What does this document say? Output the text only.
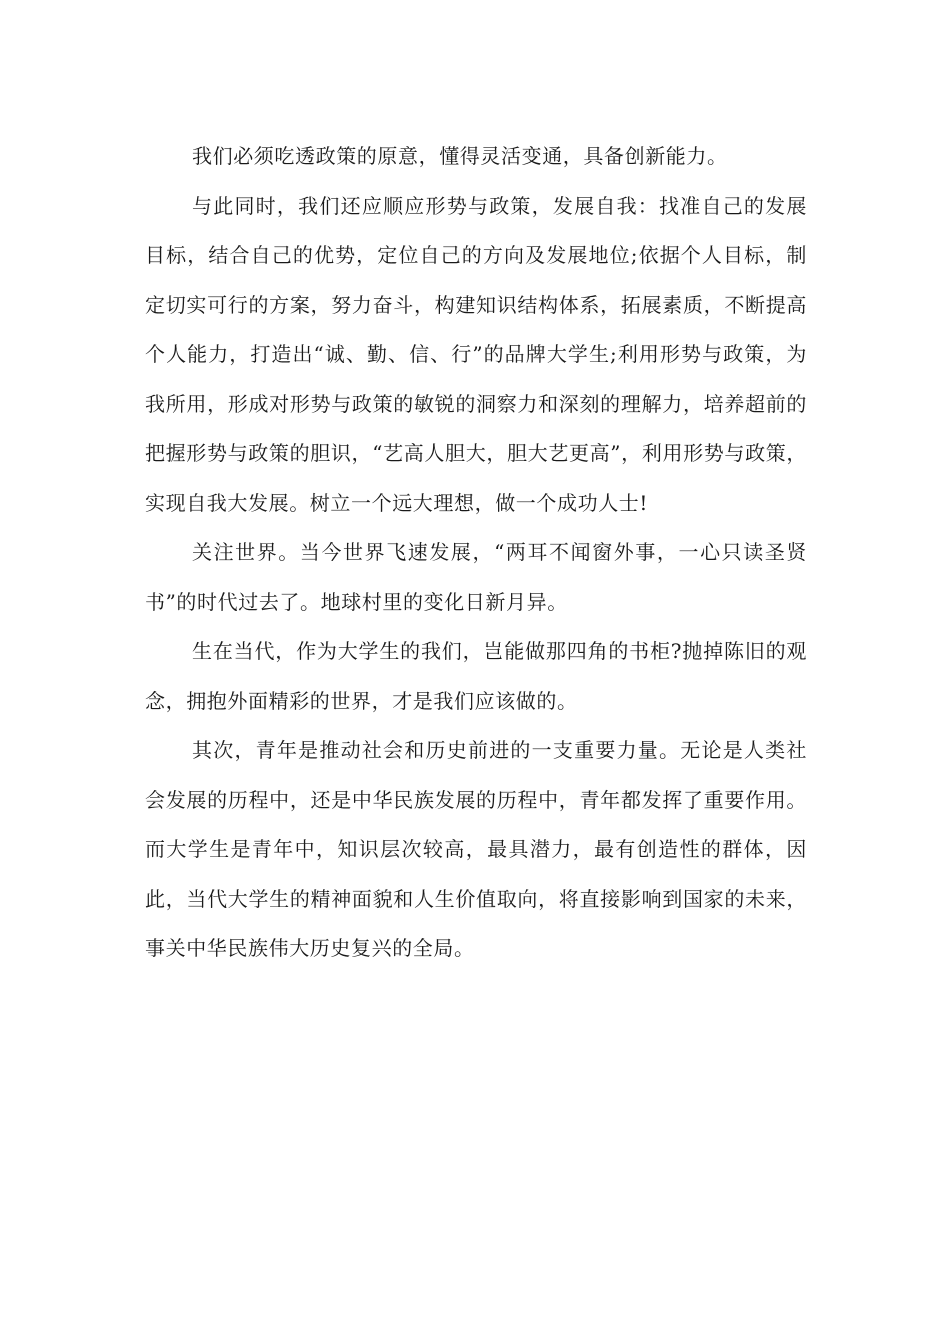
我们必须吃透政策的原意，懂得灵活变通，具备创新能力。

与此同时，我们还应顺应形势与政策，发展自我：找准自己的发展目标，结合自己的优势，定位自己的方向及发展地位;依据个人目标，制定切实可行的方案，努力奋斗，构建知识结构体系，拓展素质，不断提高个人能力，打造出“诚、勤、信、行”的品牌大学生;利用形势与政策，为我所用，形成对形势与政策的敏锐的洞察力和深刻的理解力，培养超前的把握形势与政策的胆识，“艺高人胆大，胆大艺更高”，利用形势与政策，实现自我大发展。树立一个远大理想，做一个成功人士!

关注世界。当今世界飞速发展，“两耳不闻窗外事，一心只读圣贤书”的时代过去了。地球村里的变化日新月异。

生在当代，作为大学生的我们，岂能做那四角的书柜?抛掉陈旧的观念，拥抱外面精彩的世界，才是我们应该做的。

其次，青年是推动社会和历史前进的一支重要力量。无论是人类社会发展的历程中，还是中华民族发展的历程中，青年都发挥了重要作用。而大学生是青年中，知识层次较高，最具潜力，最有创造性的群体，因此，当代大学生的精神面貌和人生价值取向，将直接影响到国家的未来，事关中华民族伟大历史复兴的全局。
